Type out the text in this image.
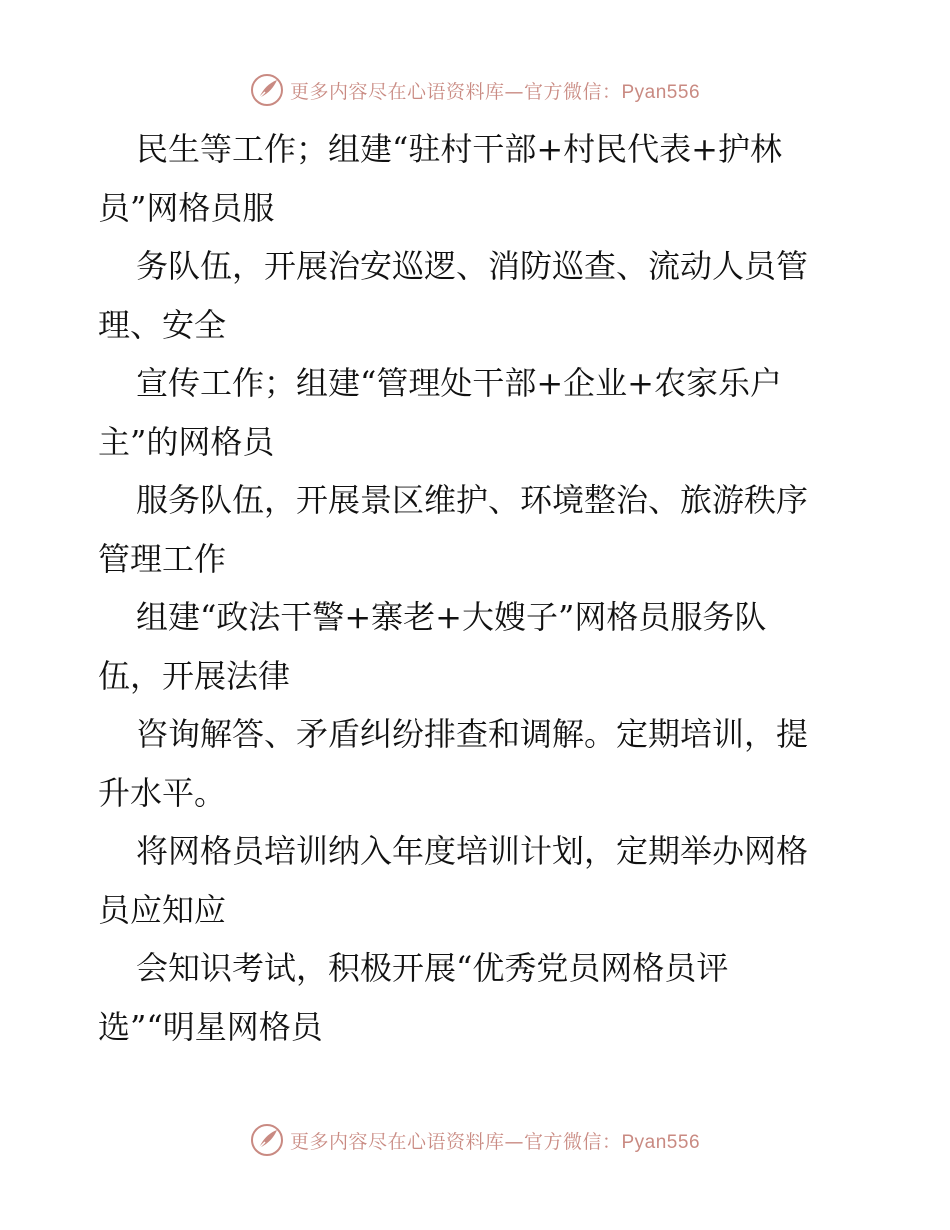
更多内容尽在心语资料库—官方微信：Pyan556
民生等工作；组建“驻村干部+村民代表+护林
员”网格员服
务队伍，开展治安巡逻、消防巡查、流动人员管
理、安全
宣传工作；组建“管理处干部+企业+农家乐户
主”的网格员
服务队伍，开展景区维护、环境整治、旅游秩序
管理工作
组建“政法干警+寨老+大嫂子”网格员服务队
伍，开展法律
咨询解答、矛盾纠纷排查和调解。定期培训，提
升水平。
将网格员培训纳入年度培训计划，定期举办网格
员应知应
会知识考试，积极开展“优秀党员网格员评
选”“明星网格员
更多内容尽在心语资料库—官方微信：Pyan556
